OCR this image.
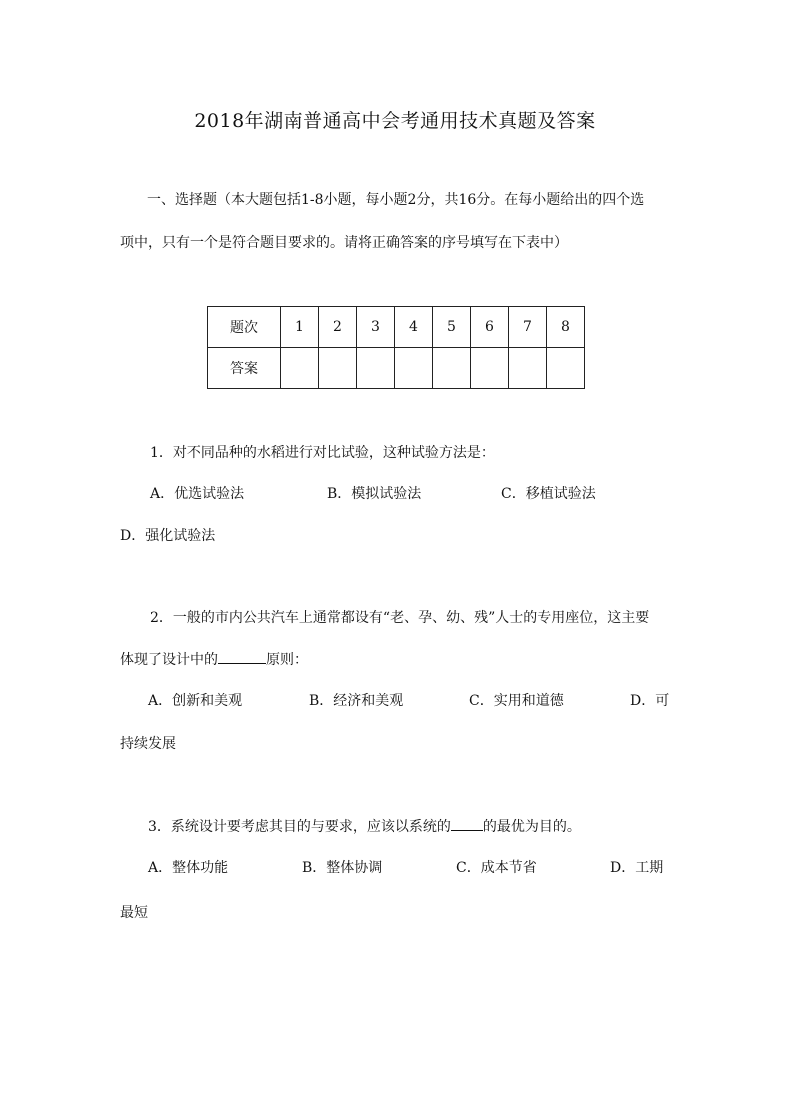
2018年湖南普通高中会考通用技术真题及答案
一、选择题（本大题包括1-8小题，每小题2分，共16分。在每小题给出的四个选
项中，只有一个是符合题目要求的。请将正确答案的序号填写在下表中）
题次	1	2	3	4	5	6	7	8
答案								
1．对不同品种的水稻进行对比试验，这种试验方法是：
A．优选试验法	B．模拟试验法	C．移植试验法
D．强化试验法
2．一般的市内公共汽车上通常都设有“老、孕、幼、残”人士的专用座位，这主要
体现了设计中的	原则：
A．创新和美观	B．经济和美观	C．实用和道德	D．可
持续发展
3．系统设计要考虑其目的与要求，应该以系统的 的最优为目的。
A．整体功能	B．整体协调	C．成本节省	D．工期
最短
